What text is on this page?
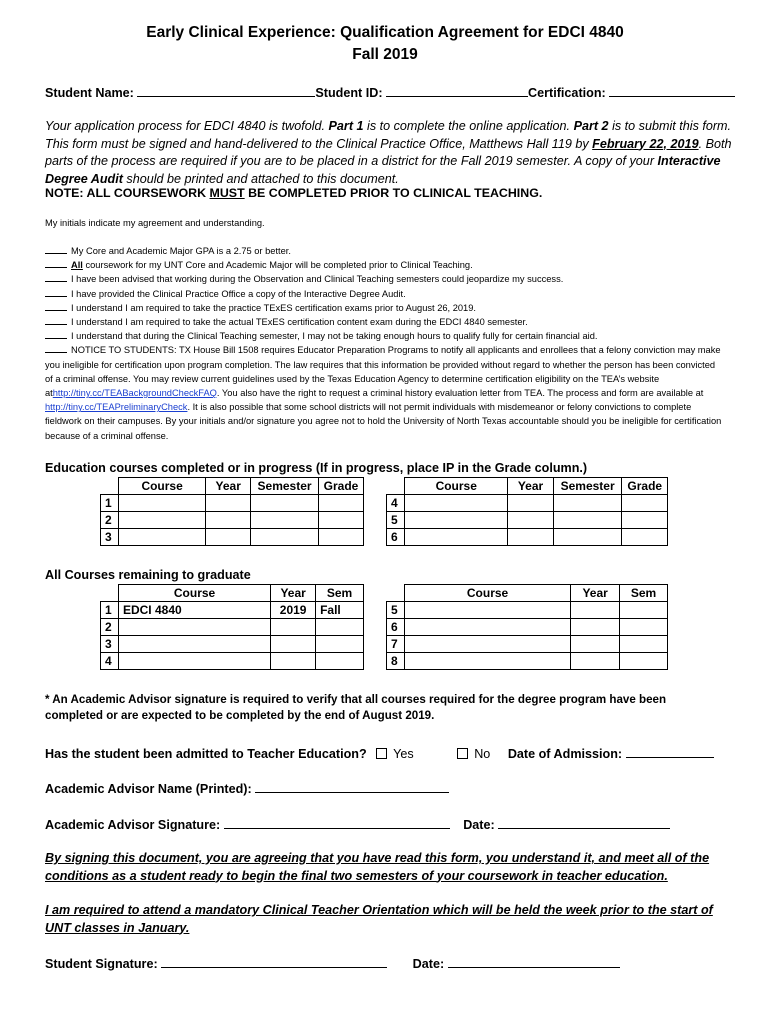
Early Clinical Experience: Qualification Agreement for EDCI 4840
Fall 2019
Student Name:	Student ID:	Certification:
Your application process for EDCI 4840 is twofold. Part 1 is to complete the online application. Part 2 is to submit this form. This form must be signed and hand-delivered to the Clinical Practice Office, Matthews Hall 119 by February 22, 2019. Both parts of the process are required if you are to be placed in a district for the Fall 2019 semester. A copy of your Interactive Degree Audit should be printed and attached to this document.
NOTE: ALL COURSEWORK MUST BE COMPLETED PRIOR TO CLINICAL TEACHING.
My initials indicate my agreement and understanding.
My Core and Academic Major GPA is a 2.75 or better.
All coursework for my UNT Core and Academic Major will be completed prior to Clinical Teaching.
I have been advised that working during the Observation and Clinical Teaching semesters could jeopardize my success.
I have provided the Clinical Practice Office a copy of the Interactive Degree Audit.
I understand I am required to take the practice TExES certification exams prior to August 26, 2019.
I understand I am required to take the actual TExES certification content exam during the EDCI 4840 semester.
I understand that during the Clinical Teaching semester, I may not be taking enough hours to qualify fully for certain financial aid.
NOTICE TO STUDENTS: TX House Bill 1508 requires Educator Preparation Programs to notify all applicants and enrollees that a felony conviction may make you ineligible for certification upon program completion. The law requires that this information be provided without regard to whether the person has been convicted of a criminal offense. You may review current guidelines used by the Texas Education Agency to determine certification eligibility on the TEA’s website athttp://tiny.cc/TEABackgroundCheckFAQ. You also have the right to request a criminal history evaluation letter from TEA. The process and form are available at http://tiny.cc/TEAPreliminaryCheck. It is also possible that some school districts will not permit individuals with misdemeanor or felony convictions to complete fieldwork on their campuses. By your initials and/or signature you agree not to hold the University of North Texas accountable should you be ineligible for certification because of a criminal offense.
Education courses completed or in progress (If in progress, place IP in the Grade column.)
	Course	Year	Semester	Grade
1				
2				
3				
	Course	Year	Semester	Grade
4				
5				
6				
All Courses remaining to graduate
	Course	Year	Sem
1	EDCI 4840	2019	Fall
2			
3			
4			
	Course	Year	Sem
5			
6			
7			
8			
* An Academic Advisor signature is required to verify that all courses required for the degree program have been completed or are expected to be completed by the end of August 2019.
Has the student been admitted to Teacher Education? Yes	No Date of Admission:
Academic Advisor Name (Printed):
Academic Advisor Signature:	Date:
By signing this document, you are agreeing that you have read this form, you understand it, and meet all of the conditions as a student ready to begin the final two semesters of your coursework in teacher education.
I am required to attend a mandatory Clinical Teacher Orientation which will be held the week prior to the start of UNT classes in January.
Student Signature:	Date:
